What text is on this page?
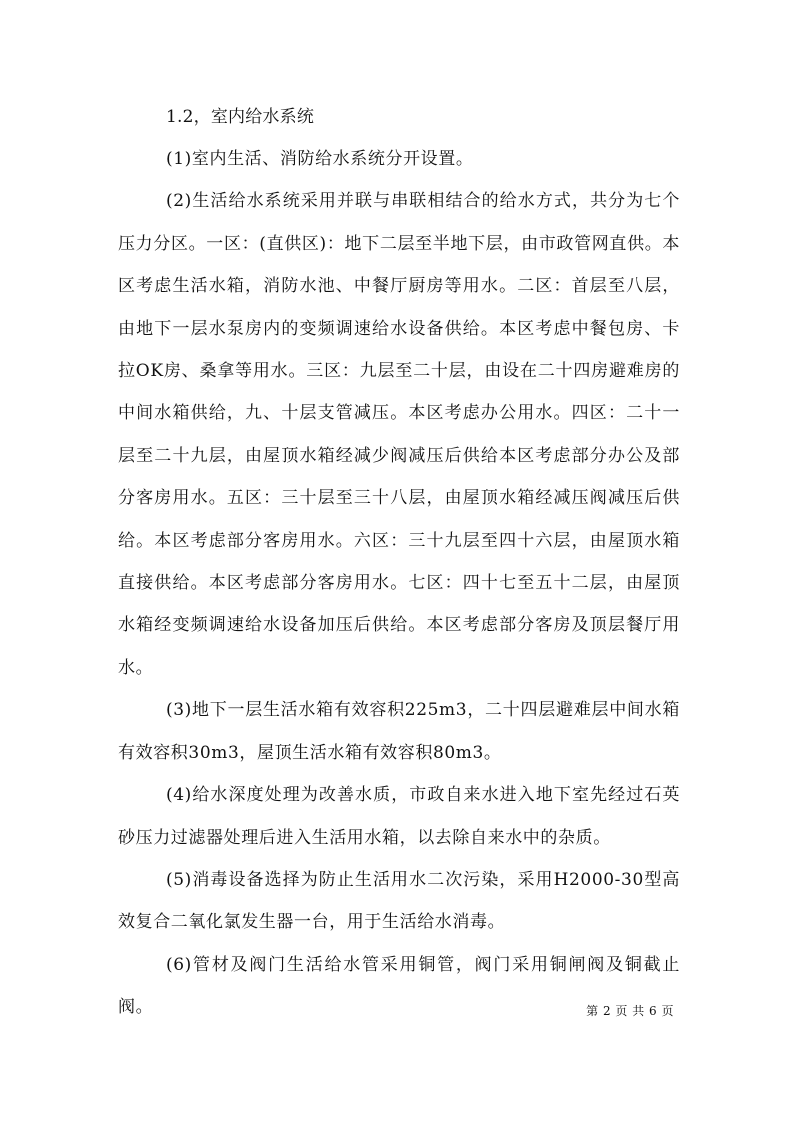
1.2，室内给水系统

(1)室内生活、消防给水系统分开设置。

(2)生活给水系统采用并联与串联相结合的给水方式，共分为七个压力分区。一区：(直供区)：地下二层至半地下层，由市政管网直供。本区考虑生活水箱，消防水池、中餐厅厨房等用水。二区：首层至八层，由地下一层水泵房内的变频调速给水设备供给。本区考虑中餐包房、卡拉OK房、桑拿等用水。三区：九层至二十层，由设在二十四房避难房的中间水箱供给，九、十层支管减压。本区考虑办公用水。四区：二十一层至二十九层，由屋顶水箱经减少阀减压后供给本区考虑部分办公及部分客房用水。五区：三十层至三十八层，由屋顶水箱经减压阀减压后供给。本区考虑部分客房用水。六区：三十九层至四十六层，由屋顶水箱直接供给。本区考虑部分客房用水。七区：四十七至五十二层，由屋顶水箱经变频调速给水设备加压后供给。本区考虑部分客房及顶层餐厅用水。

(3)地下一层生活水箱有效容积225m3，二十四层避难层中间水箱有效容积30m3，屋顶生活水箱有效容积80m3。

(4)给水深度处理为改善水质，市政自来水进入地下室先经过石英砂压力过滤器处理后进入生活用水箱，以去除自来水中的杂质。

(5)消毒设备选择为防止生活用水二次污染，采用H2000-30型高效复合二氧化氯发生器一台，用于生活给水消毒。

(6)管材及阀门生活给水管采用铜管，阀门采用铜闸阀及铜截止阀。	第 2 页 共 6 页
